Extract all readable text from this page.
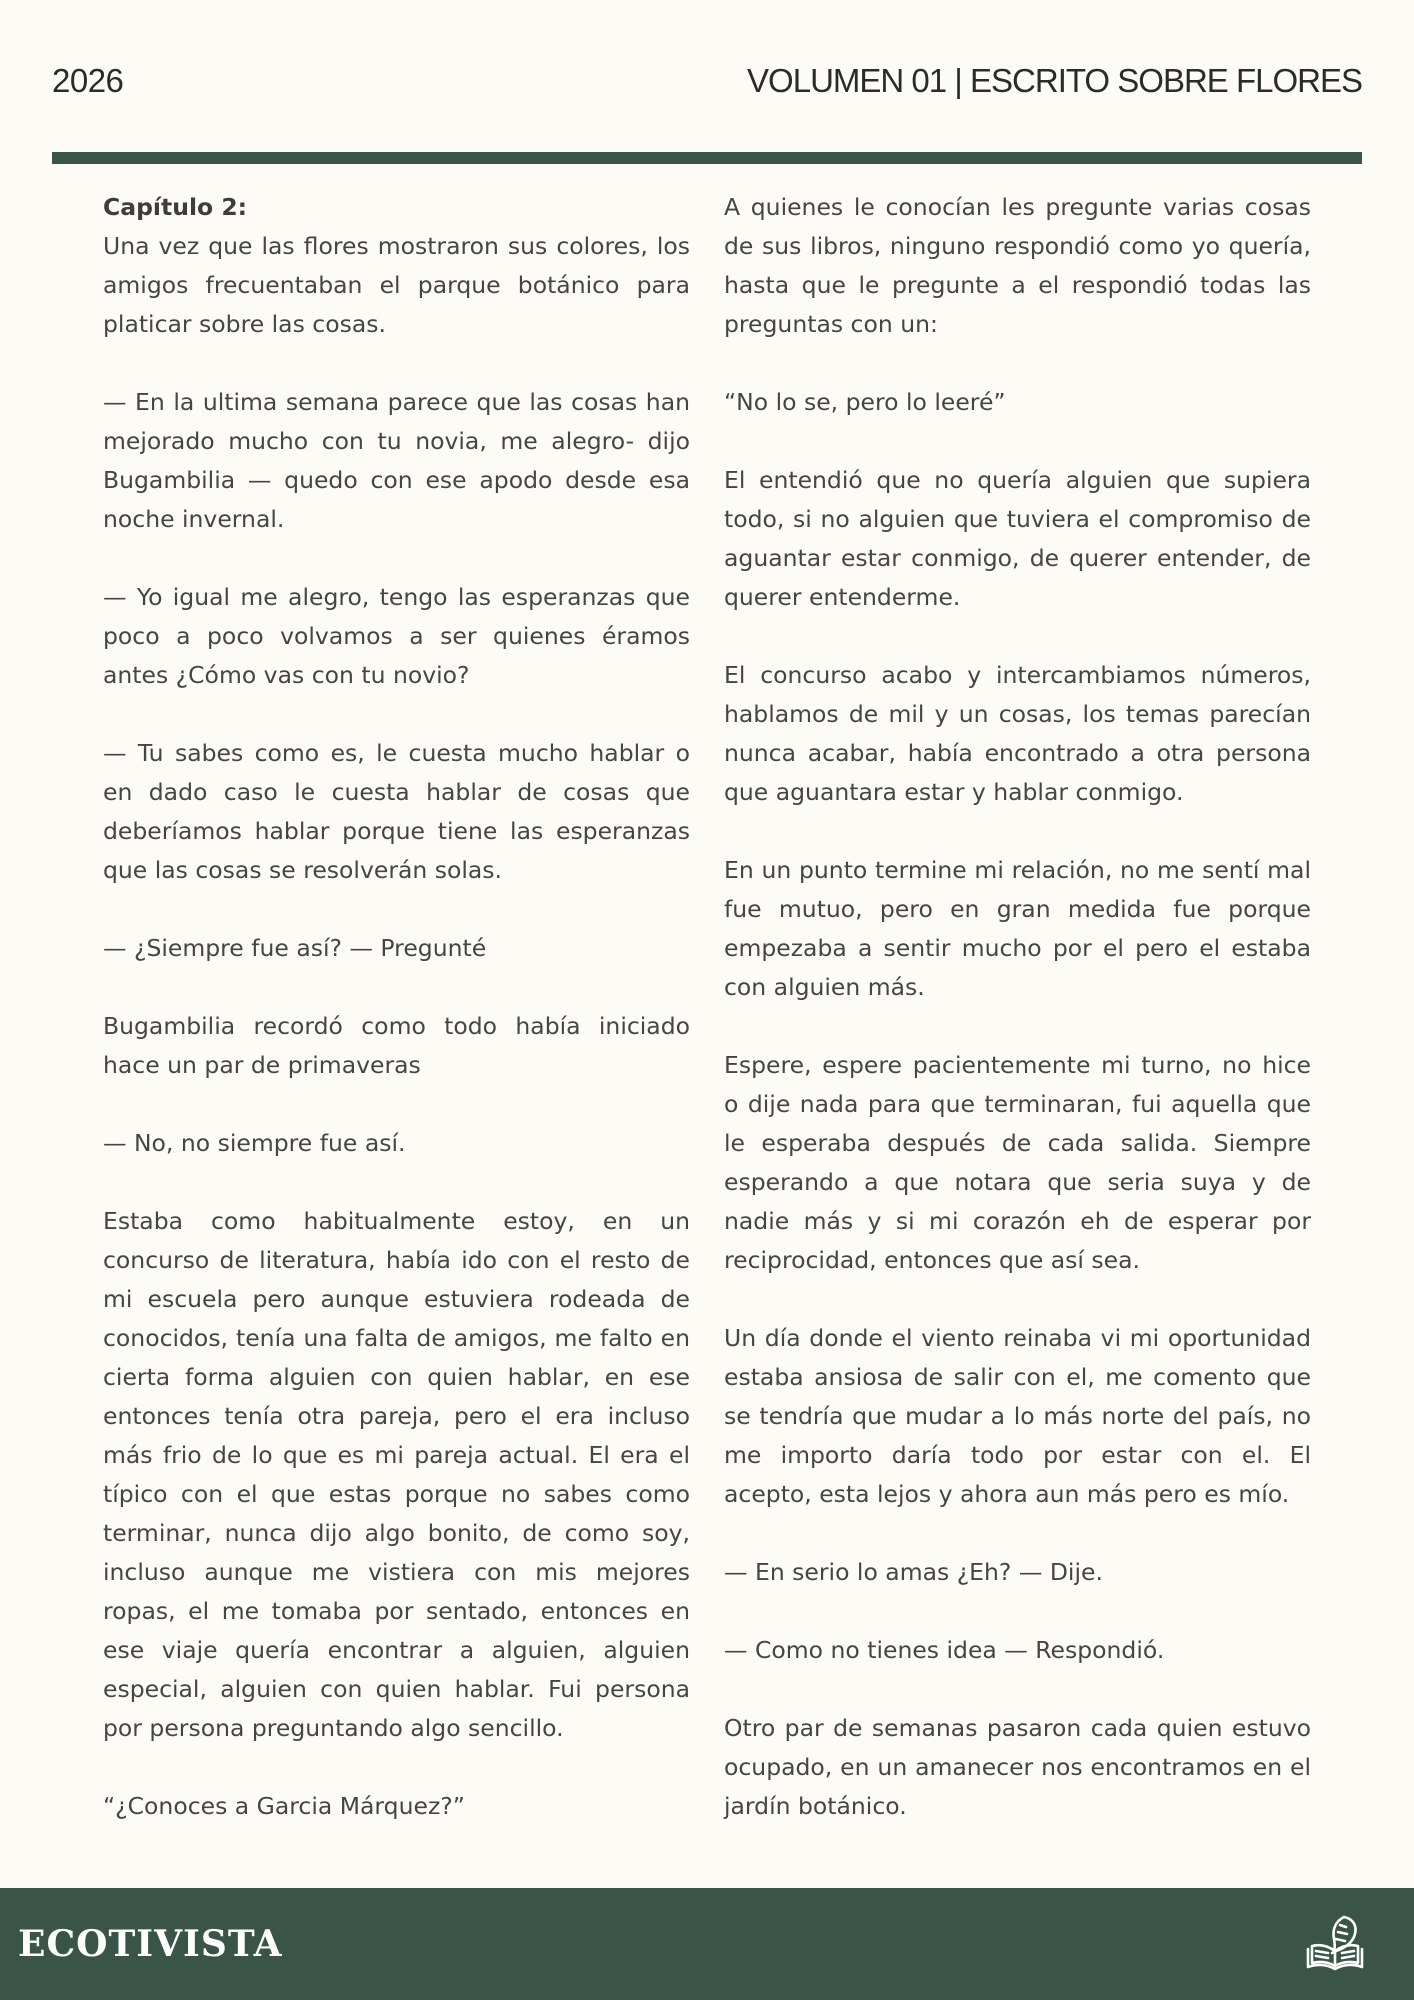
2026	VOLUMEN 01 | ESCRITO SOBRE FLORES

Capítulo 2:
Una vez que las flores mostraron sus colores, los amigos frecuentaban el parque botánico para platicar sobre las cosas.

— En la ultima semana parece que las cosas han mejorado mucho con tu novia, me alegro- dijo Bugambilia — quedo con ese apodo desde esa noche invernal.

— Yo igual me alegro, tengo las esperanzas que poco a poco volvamos a ser quienes éramos antes ¿Cómo vas con tu novio?

— Tu sabes como es, le cuesta mucho hablar o en dado caso le cuesta hablar de cosas que deberíamos hablar porque tiene las esperanzas que las cosas se resolverán solas.

— ¿Siempre fue así? — Pregunté

Bugambilia recordó como todo había iniciado hace un par de primaveras

— No, no siempre fue así.

Estaba como habitualmente estoy, en un concurso de literatura, había ido con el resto de mi escuela pero aunque estuviera rodeada de conocidos, tenía una falta de amigos, me falto en cierta forma alguien con quien hablar, en ese entonces tenía otra pareja, pero el era incluso más frio de lo que es mi pareja actual. El era el típico con el que estas porque no sabes como terminar, nunca dijo algo bonito, de como soy, incluso aunque me vistiera con mis mejores ropas, el me tomaba por sentado, entonces en ese viaje quería encontrar a alguien, alguien especial, alguien con quien hablar. Fui persona por persona preguntando algo sencillo.

“¿Conoces a Garcia Márquez?”

A quienes le conocían les pregunte varias cosas de sus libros, ninguno respondió como yo quería, hasta que le pregunte a el respondió todas las preguntas con un:

“No lo se, pero lo leeré”

El entendió que no quería alguien que supiera todo, si no alguien que tuviera el compromiso de aguantar estar conmigo, de querer entender, de querer entenderme.

El concurso acabo y intercambiamos números, hablamos de mil y un cosas, los temas parecían nunca acabar, había encontrado a otra persona que aguantara estar y hablar conmigo.

En un punto termine mi relación, no me sentí mal fue mutuo, pero en gran medida fue porque empezaba a sentir mucho por el pero el estaba con alguien más.

Espere, espere pacientemente mi turno, no hice o dije nada para que terminaran, fui aquella que le esperaba después de cada salida. Siempre esperando a que notara que seria suya y de nadie más y si mi corazón eh de esperar por reciprocidad, entonces que así sea.

Un día donde el viento reinaba vi mi oportunidad estaba ansiosa de salir con el, me comento que se tendría que mudar a lo más norte del país, no me importo daría todo por estar con el. El acepto, esta lejos y ahora aun más pero es mío.

— En serio lo amas ¿Eh? — Dije.

— Como no tienes idea — Respondió.

Otro par de semanas pasaron cada quien estuvo ocupado, en un amanecer nos encontramos en el jardín botánico.

ECOTIVISTA
